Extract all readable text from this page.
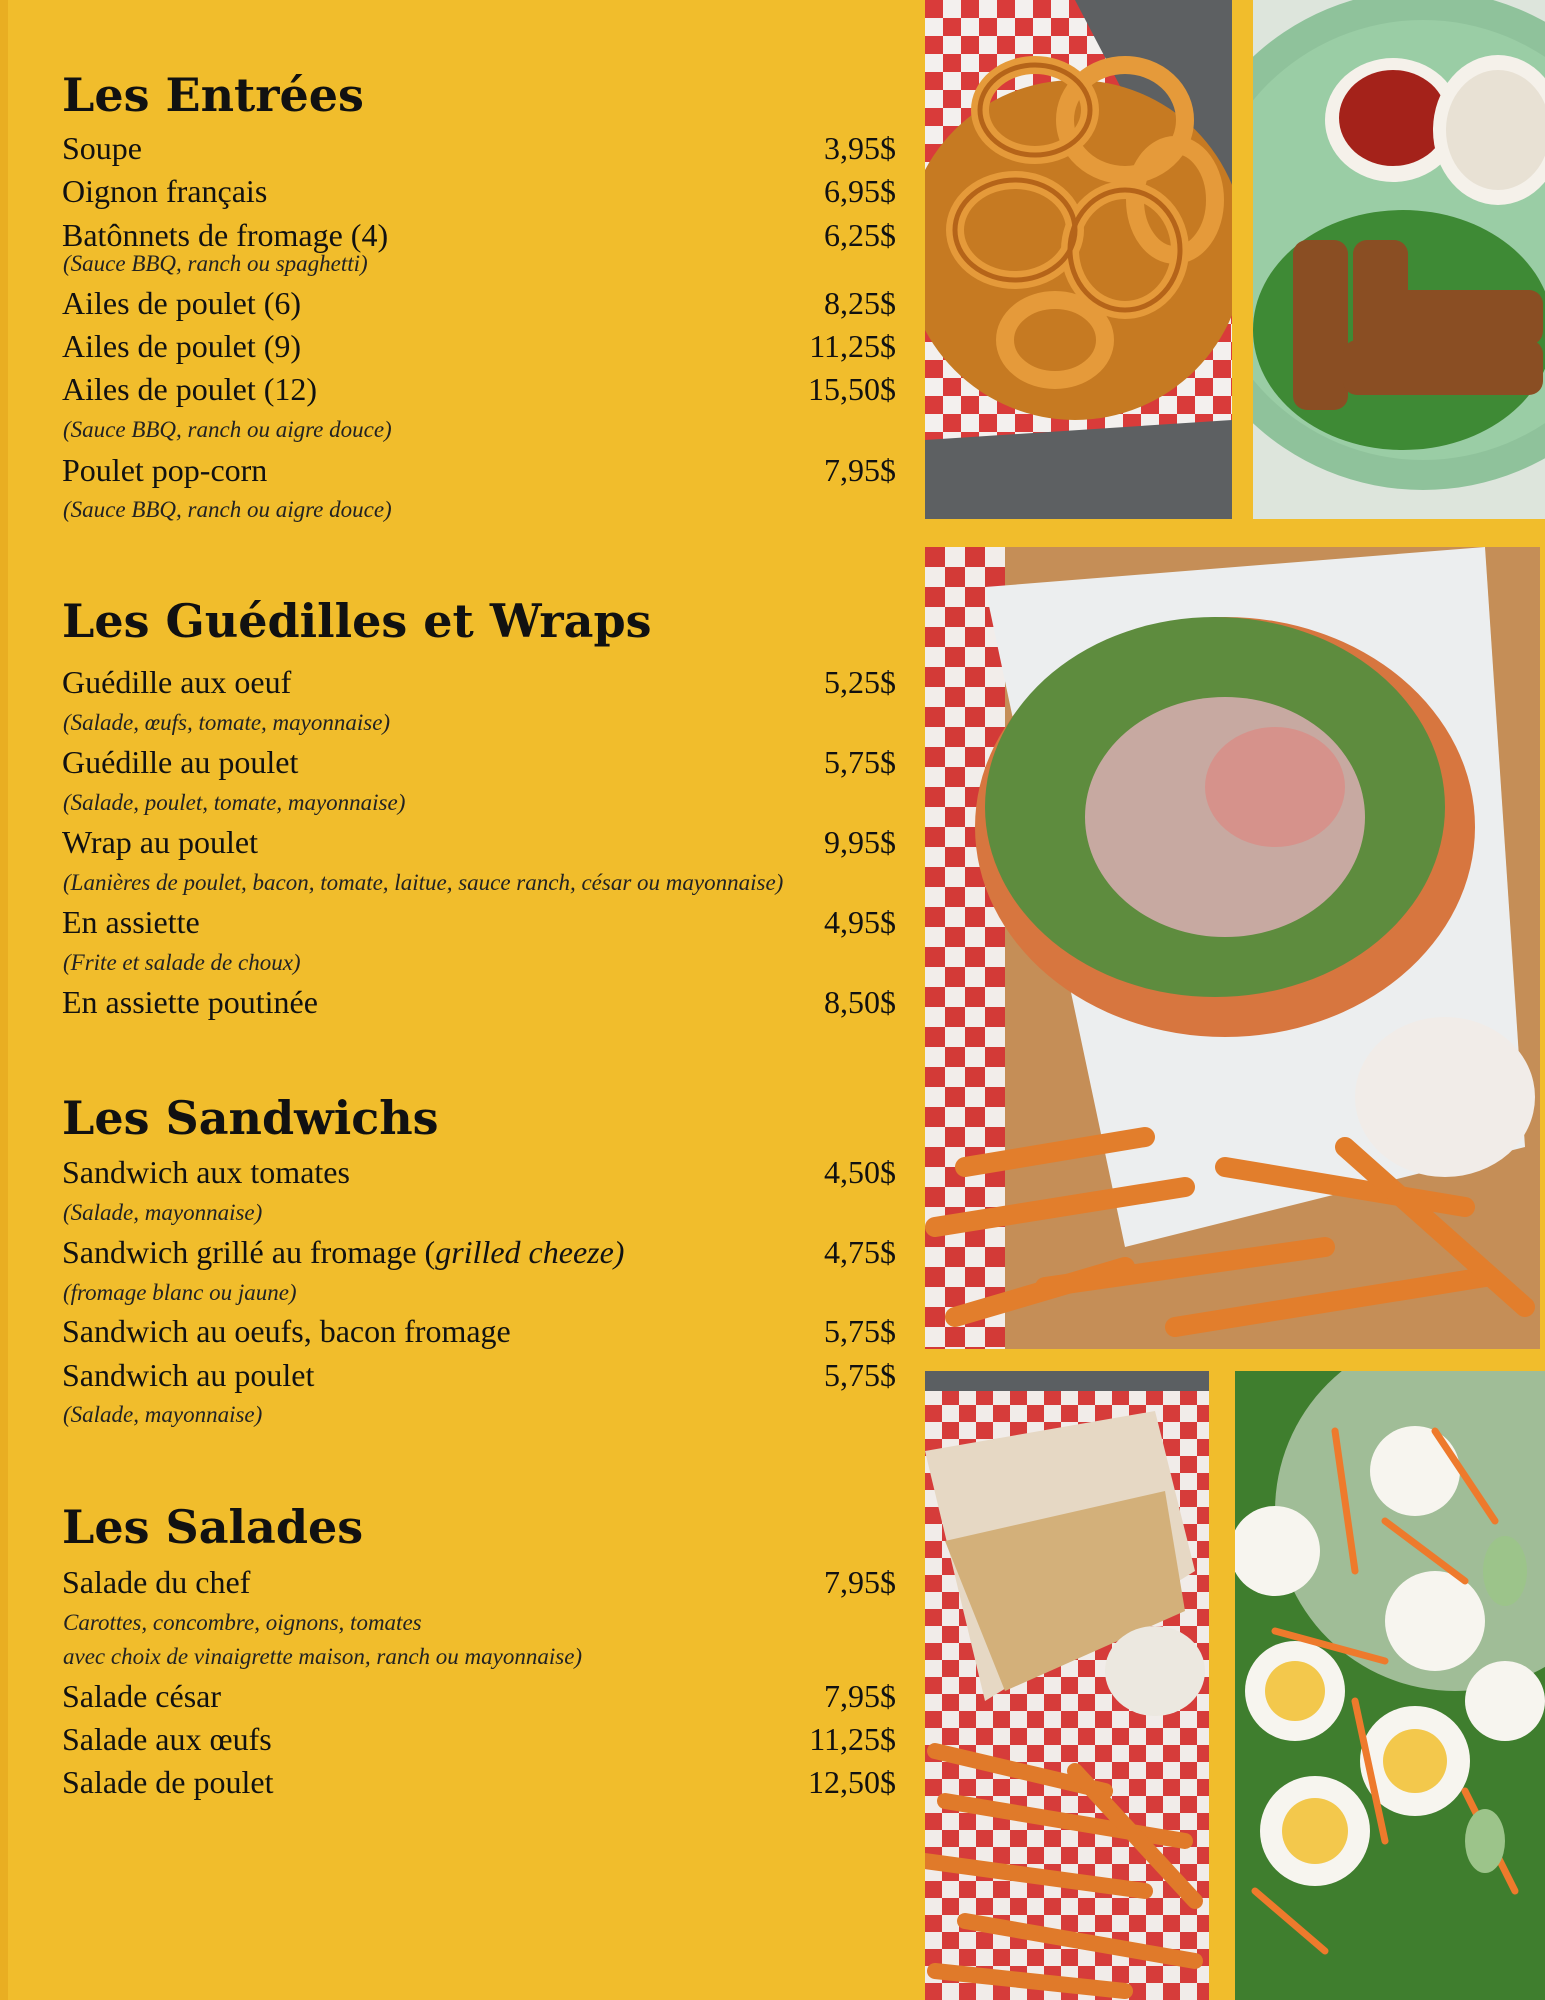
Les Entrées
Soupe	3,95$
Oignon français	6,95$
Batônnets de fromage (4)	6,25$

(Sauce BBQ, ranch ou spaghetti)

Ailes de poulet (6)	8,25$
Ailes de poulet (9)	11,25$
Ailes de poulet (12)	15,50$

(Sauce BBQ, ranch ou aigre douce)

Poulet pop-corn	7,95$

(Sauce BBQ, ranch ou aigre douce)

Les Guédilles et Wraps
Guédille aux oeuf	5,25$

(Salade, œufs, tomate, mayonnaise)

Guédille au poulet	5,75$

(Salade, poulet, tomate, mayonnaise)

Wrap au poulet	9,95$

(Lanières de poulet, bacon, tomate, laitue, sauce ranch, césar ou mayonnaise)

En assiette	4,95$

(Frite et salade de choux)

En assiette poutinée	8,50$
Les Sandwichs
Sandwich aux tomates	4,50$

(Salade, mayonnaise)

Sandwich grillé au fromage (grilled cheeze)	4,75$

(fromage blanc ou jaune)

Sandwich au oeufs, bacon fromage	5,75$
Sandwich au poulet	5,75$

(Salade, mayonnaise)

Les Salades
Salade du chef	7,95$

Carottes, concombre, oignons, tomates

avec choix de vinaigrette maison, ranch ou mayonnaise)

Salade césar	7,95$
Salade aux œufs	11,25$
Salade de poulet	12,50$
